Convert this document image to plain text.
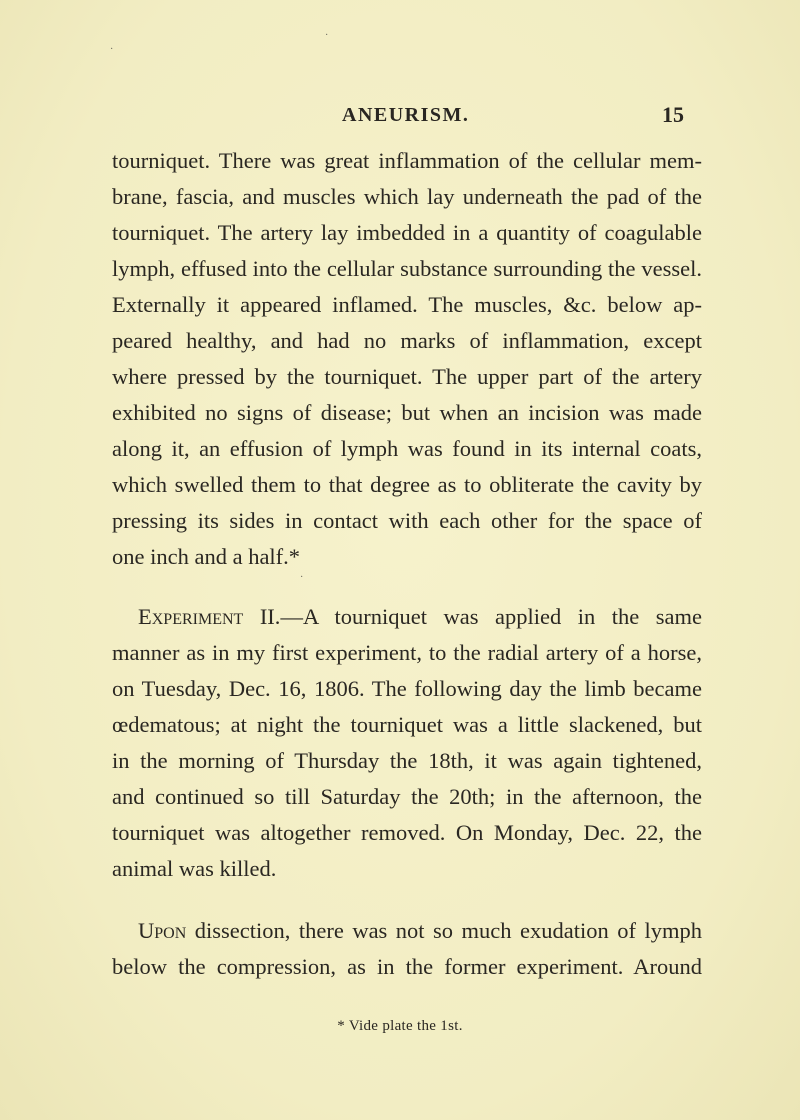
ANEURISM.	15
tourniquet. There was great inflammation of the cellular mem-
brane, fascia, and muscles which lay underneath the pad of the
tourniquet. The artery lay imbedded in a quantity of coagulable
lymph, effused into the cellular substance surrounding the vessel.
Externally it appeared inflamed. The muscles, &c. below ap-
peared healthy, and had no marks of inflammation, except
where pressed by the tourniquet. The upper part of the artery
exhibited no signs of disease; but when an incision was made
along it, an effusion of lymph was found in its internal coats,
which swelled them to that degree as to obliterate the cavity by
pressing its sides in contact with each other for the space of
one inch and a half.*
Experiment II.—A tourniquet was applied in the same
manner as in my first experiment, to the radial artery of a horse,
on Tuesday, Dec. 16, 1806. The following day the limb became
œdematous; at night the tourniquet was a little slackened, but
in the morning of Thursday the 18th, it was again tightened,
and continued so till Saturday the 20th; in the afternoon, the
tourniquet was altogether removed. On Monday, Dec. 22, the
animal was killed.
Upon dissection, there was not so much exudation of lymph
below the compression, as in the former experiment. Around
* Vide plate the 1st.
·
·
·
